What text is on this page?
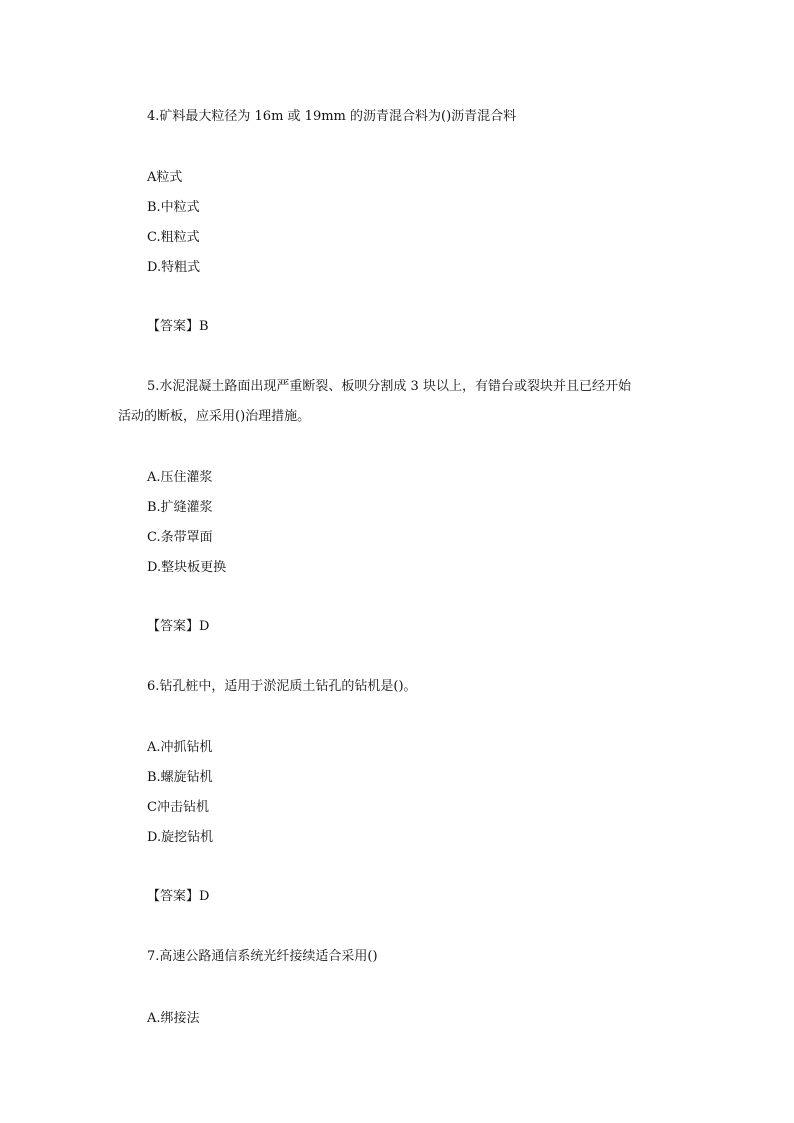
4.矿料最大粒径为 16m 或 19mm 的沥青混合料为()沥青混合料
A粒式
B.中粒式
C.粗粒式
D.特粗式
【答案】B
5.水泥混凝土路面出现严重断裂、板呗分割成 3 块以上，有错台或裂块并且已经开始
活动的断板，应采用()治理措施。
A.压住灌浆
B.扩缝灌浆
C.条带罩面
D.整块板更换
【答案】D
6.钻孔桩中，适用于淤泥质土钻孔的钻机是()。
A.冲抓钻机
B.螺旋钻机
C冲击钻机
D.旋挖钻机
【答案】D
7.高速公路通信系统光纤接续适合采用()
A.绑接法
